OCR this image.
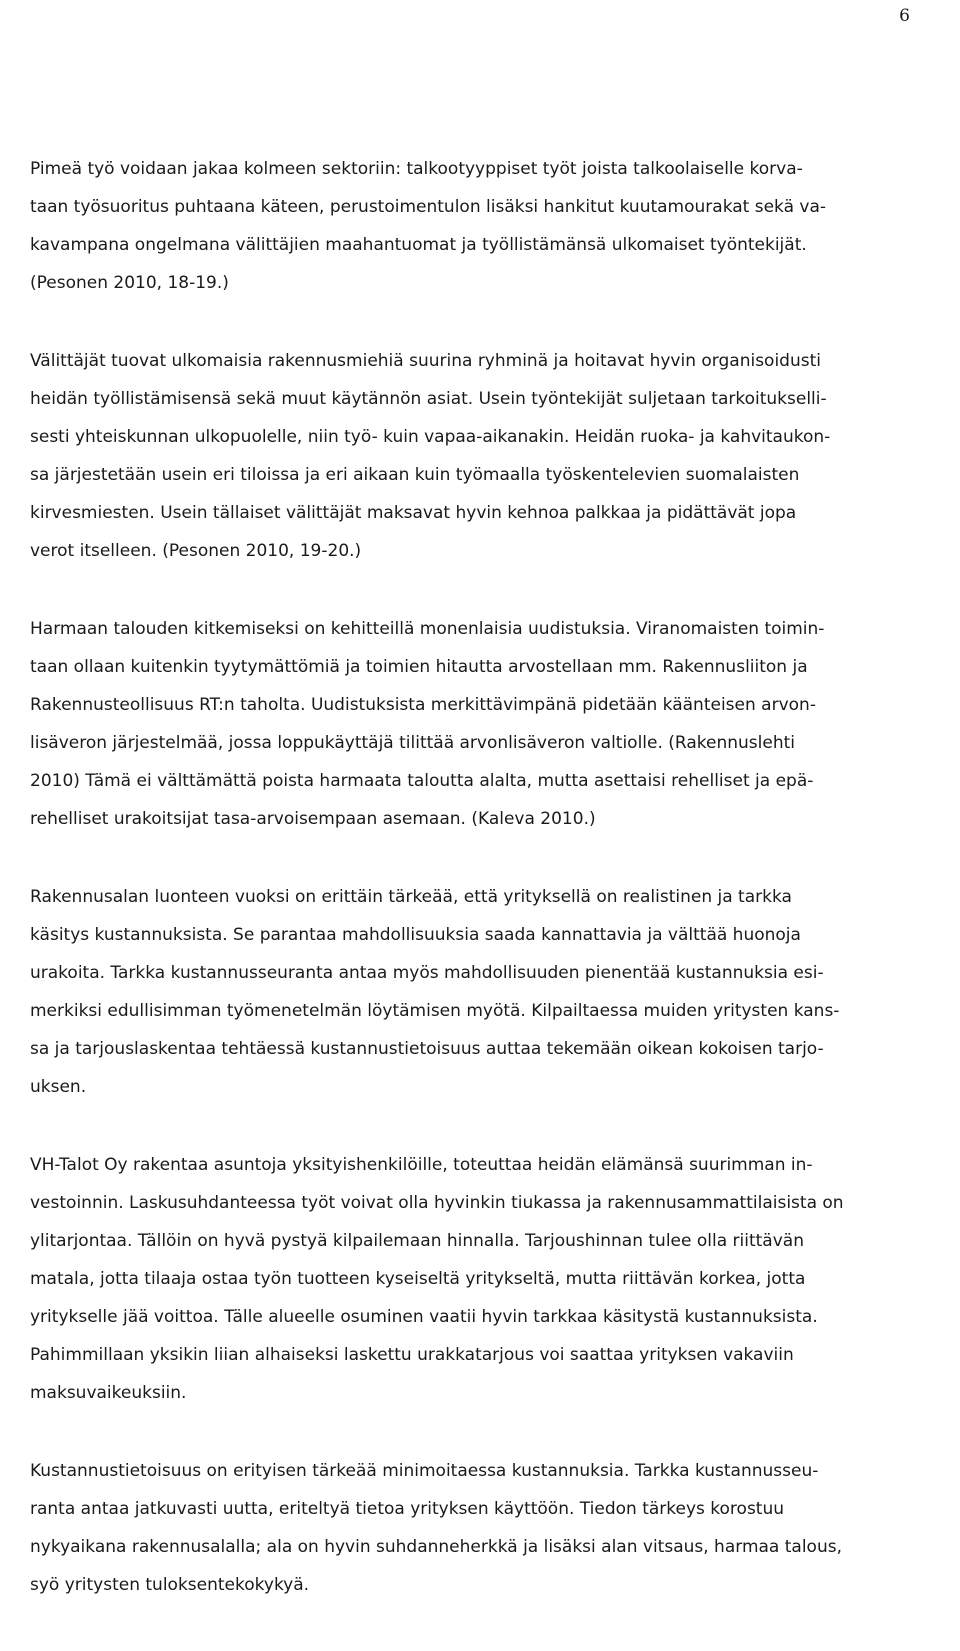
6

Pimeä työ voidaan jakaa kolmeen sektoriin: talkootyyppiset työt joista talkoolaiselle korva-
taan työsuoritus puhtaana käteen, perustoimentulon lisäksi hankitut kuutamourakat sekä va-
kavampana ongelmana välittäjien maahantuomat ja työllistämänsä ulkomaiset työntekijät.
(Pesonen 2010, 18-19.)

Välittäjät tuovat ulkomaisia rakennusmiehiä suurina ryhminä ja hoitavat hyvin organisoidusti
heidän työllistämisensä sekä muut käytännön asiat. Usein työntekijät suljetaan tarkoitukselli-
sesti yhteiskunnan ulkopuolelle, niin työ- kuin vapaa-aikanakin. Heidän ruoka- ja kahvitaukon-
sa järjestetään usein eri tiloissa ja eri aikaan kuin työmaalla työskentelevien suomalaisten
kirvesmiesten. Usein tällaiset välittäjät maksavat hyvin kehnoa palkkaa ja pidättävät jopa
verot itselleen. (Pesonen 2010, 19-20.)

Harmaan talouden kitkemiseksi on kehitteillä monenlaisia uudistuksia. Viranomaisten toimin-
taan ollaan kuitenkin tyytymättömiä ja toimien hitautta arvostellaan mm. Rakennusliiton ja
Rakennusteollisuus RT:n taholta. Uudistuksista merkittävimpänä pidetään käänteisen arvon-
lisäveron järjestelmää, jossa loppukäyttäjä tilittää arvonlisäveron valtiolle. (Rakennuslehti
2010) Tämä ei välttämättä poista harmaata taloutta alalta, mutta asettaisi rehelliset ja epä-
rehelliset urakoitsijat tasa-arvoisempaan asemaan. (Kaleva 2010.)

Rakennusalan luonteen vuoksi on erittäin tärkeää, että yrityksellä on realistinen ja tarkka
käsitys kustannuksista. Se parantaa mahdollisuuksia saada kannattavia ja välttää huonoja
urakoita. Tarkka kustannusseuranta antaa myös mahdollisuuden pienentää kustannuksia esi-
merkiksi edullisimman työmenetelmän löytämisen myötä. Kilpailtaessa muiden yritysten kans-
sa ja tarjouslaskentaa tehtäessä kustannustietoisuus auttaa tekemään oikean kokoisen tarjo-
uksen.

VH-Talot Oy rakentaa asuntoja yksityishenkilöille, toteuttaa heidän elämänsä suurimman in-
vestoinnin. Laskusuhdanteessa työt voivat olla hyvinkin tiukassa ja rakennusammattilaisista on
ylitarjontaa. Tällöin on hyvä pystyä kilpailemaan hinnalla. Tarjoushinnan tulee olla riittävän
matala, jotta tilaaja ostaa työn tuotteen kyseiseltä yritykseltä, mutta riittävän korkea, jotta
yritykselle jää voittoa. Tälle alueelle osuminen vaatii hyvin tarkkaa käsitystä kustannuksista.
Pahimmillaan yksikin liian alhaiseksi laskettu urakkatarjous voi saattaa yrityksen vakaviin
maksuvaikeuksiin.

Kustannustietoisuus on erityisen tärkeää minimoitaessa kustannuksia. Tarkka kustannusseu-
ranta antaa jatkuvasti uutta, eriteltyä tietoa yrityksen käyttöön. Tiedon tärkeys korostuu
nykyaikana rakennusalalla; ala on hyvin suhdanneherkkä ja lisäksi alan vitsaus, harmaa talous,
syö yritysten tuloksentekokykyä.
